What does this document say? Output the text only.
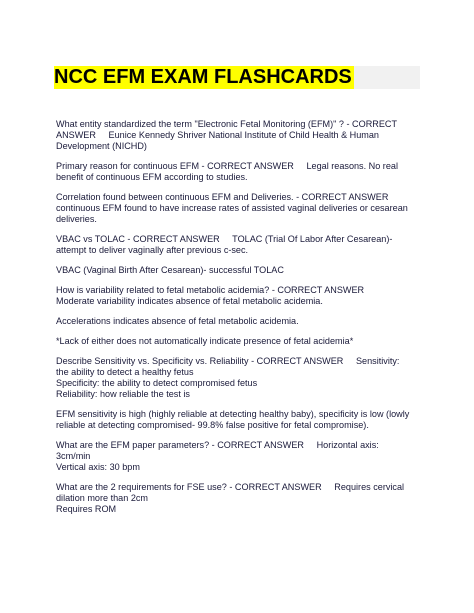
NCC EFM EXAM FLASHCARDS

What entity standardized the term "Electronic Fetal Monitoring (EFM)" ? - CORRECT
ANSWER     Eunice Kennedy Shriver National Institute of Child Health & Human
Development (NICHD)

Primary reason for continuous EFM - CORRECT ANSWER     Legal reasons. No real
benefit of continuous EFM according to studies.

Correlation found between continuous EFM and Deliveries. - CORRECT ANSWER
continuous EFM found to have increase rates of assisted vaginal deliveries or cesarean
deliveries.

VBAC vs TOLAC - CORRECT ANSWER     TOLAC (Trial Of Labor After Cesarean)-
attempt to deliver vaginally after previous c-sec.

VBAC (Vaginal Birth After Cesarean)- successful TOLAC

How is variability related to fetal metabolic acidemia? - CORRECT ANSWER
Moderate variability indicates absence of fetal metabolic acidemia.

Accelerations indicates absence of fetal metabolic acidemia.

*Lack of either does not automatically indicate presence of fetal acidemia*

Describe Sensitivity vs. Specificity vs. Reliability - CORRECT ANSWER     Sensitivity:
the ability to detect a healthy fetus
Specificity: the ability to detect compromised fetus
Reliability: how reliable the test is

EFM sensitivity is high (highly reliable at detecting healthy baby), specificity is low (lowly
reliable at detecting compromised- 99.8% false positive for fetal compromise).

What are the EFM paper parameters? - CORRECT ANSWER     Horizontal axis:
3cm/min
Vertical axis: 30 bpm

What are the 2 requirements for FSE use? - CORRECT ANSWER     Requires cervical
dilation more than 2cm
Requires ROM
